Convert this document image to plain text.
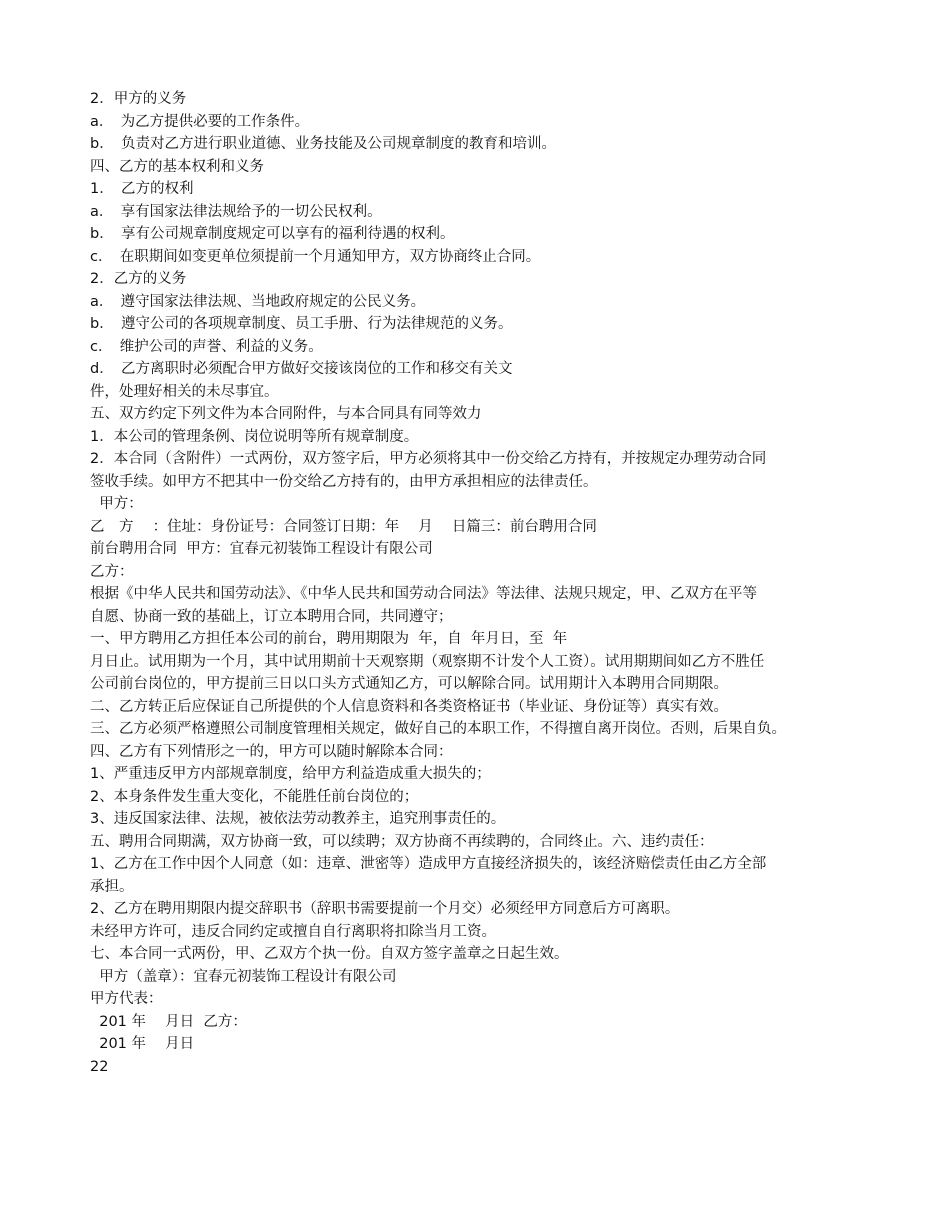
2．甲方的义务
a．　为乙方提供必要的工作条件。
b．　负责对乙方进行职业道德、业务技能及公司规章制度的教育和培训。
四、乙方的基本权利和义务
1．　乙方的权利
a．　享有国家法律法规给予的一切公民权利。
b．　享有公司规章制度规定可以享有的福利待遇的权利。
c．　在职期间如变更单位须提前一个月通知甲方，双方协商终止合同。
2．乙方的义务
a．　遵守国家法律法规、当地政府规定的公民义务。
b．　遵守公司的各项规章制度、员工手册、行为法律规范的义务。
c．　维护公司的声誉、利益的义务。
d．　乙方离职时必须配合甲方做好交接该岗位的工作和移交有关文
件，处理好相关的未尽事宜。
五、双方约定下列文件为本合同附件，与本合同具有同等效力
1．本公司的管理条例、岗位说明等所有规章制度。
2．本合同（含附件）一式两份，双方签字后，甲方必须将其中一份交给乙方持有，并按规定办理劳动合同
签收手续。如甲方不把其中一份交给乙方持有的，由甲方承担相应的法律责任。
甲方：
乙　方　 ：住址：身份证号：合同签订日期：年　 月　 日篇三：前台聘用合同
前台聘用合同  甲方：宜春元初装饰工程设计有限公司
乙方：
根据《中华人民共和国劳动法》、《中华人民共和国劳动合同法》等法律、法规只规定，甲、乙双方在平等
自愿、协商一致的基础上，订立本聘用合同，共同遵守；
一、甲方聘用乙方担任本公司的前台，聘用期限为  年，自  年月日，至  年
月日止。试用期为一个月，其中试用期前十天观察期（观察期不计发个人工资）。试用期期间如乙方不胜任
公司前台岗位的，甲方提前三日以口头方式通知乙方，可以解除合同。试用期计入本聘用合同期限。
二、乙方转正后应保证自己所提供的个人信息资料和各类资格证书（毕业证、身份证等）真实有效。
三、乙方必须严格遵照公司制度管理相关规定，做好自己的本职工作，不得擅自离开岗位。否则，后果自负。
四、乙方有下列情形之一的，甲方可以随时解除本合同：
1、严重违反甲方内部规章制度，给甲方利益造成重大损失的；
2、本身条件发生重大变化，不能胜任前台岗位的；
3、违反国家法律、法规，被依法劳动教养主，追究刑事责任的。
五、聘用合同期满，双方协商一致，可以续聘；双方协商不再续聘的，合同终止。六、违约责任：
1、乙方在工作中因个人同意（如：违章、泄密等）造成甲方直接经济损失的，该经济赔偿责任由乙方全部
承担。
2、乙方在聘用期限内提交辞职书（辞职书需要提前一个月交）必须经甲方同意后方可离职。
未经甲方许可，违反合同约定或擅自自行离职将扣除当月工资。
七、本合同一式两份，甲、乙双方个执一份。自双方签字盖章之日起生效。
甲方（盖章）：宜春元初装饰工程设计有限公司
甲方代表：
201 年　 月日  乙方：
201 年　 月日
22
